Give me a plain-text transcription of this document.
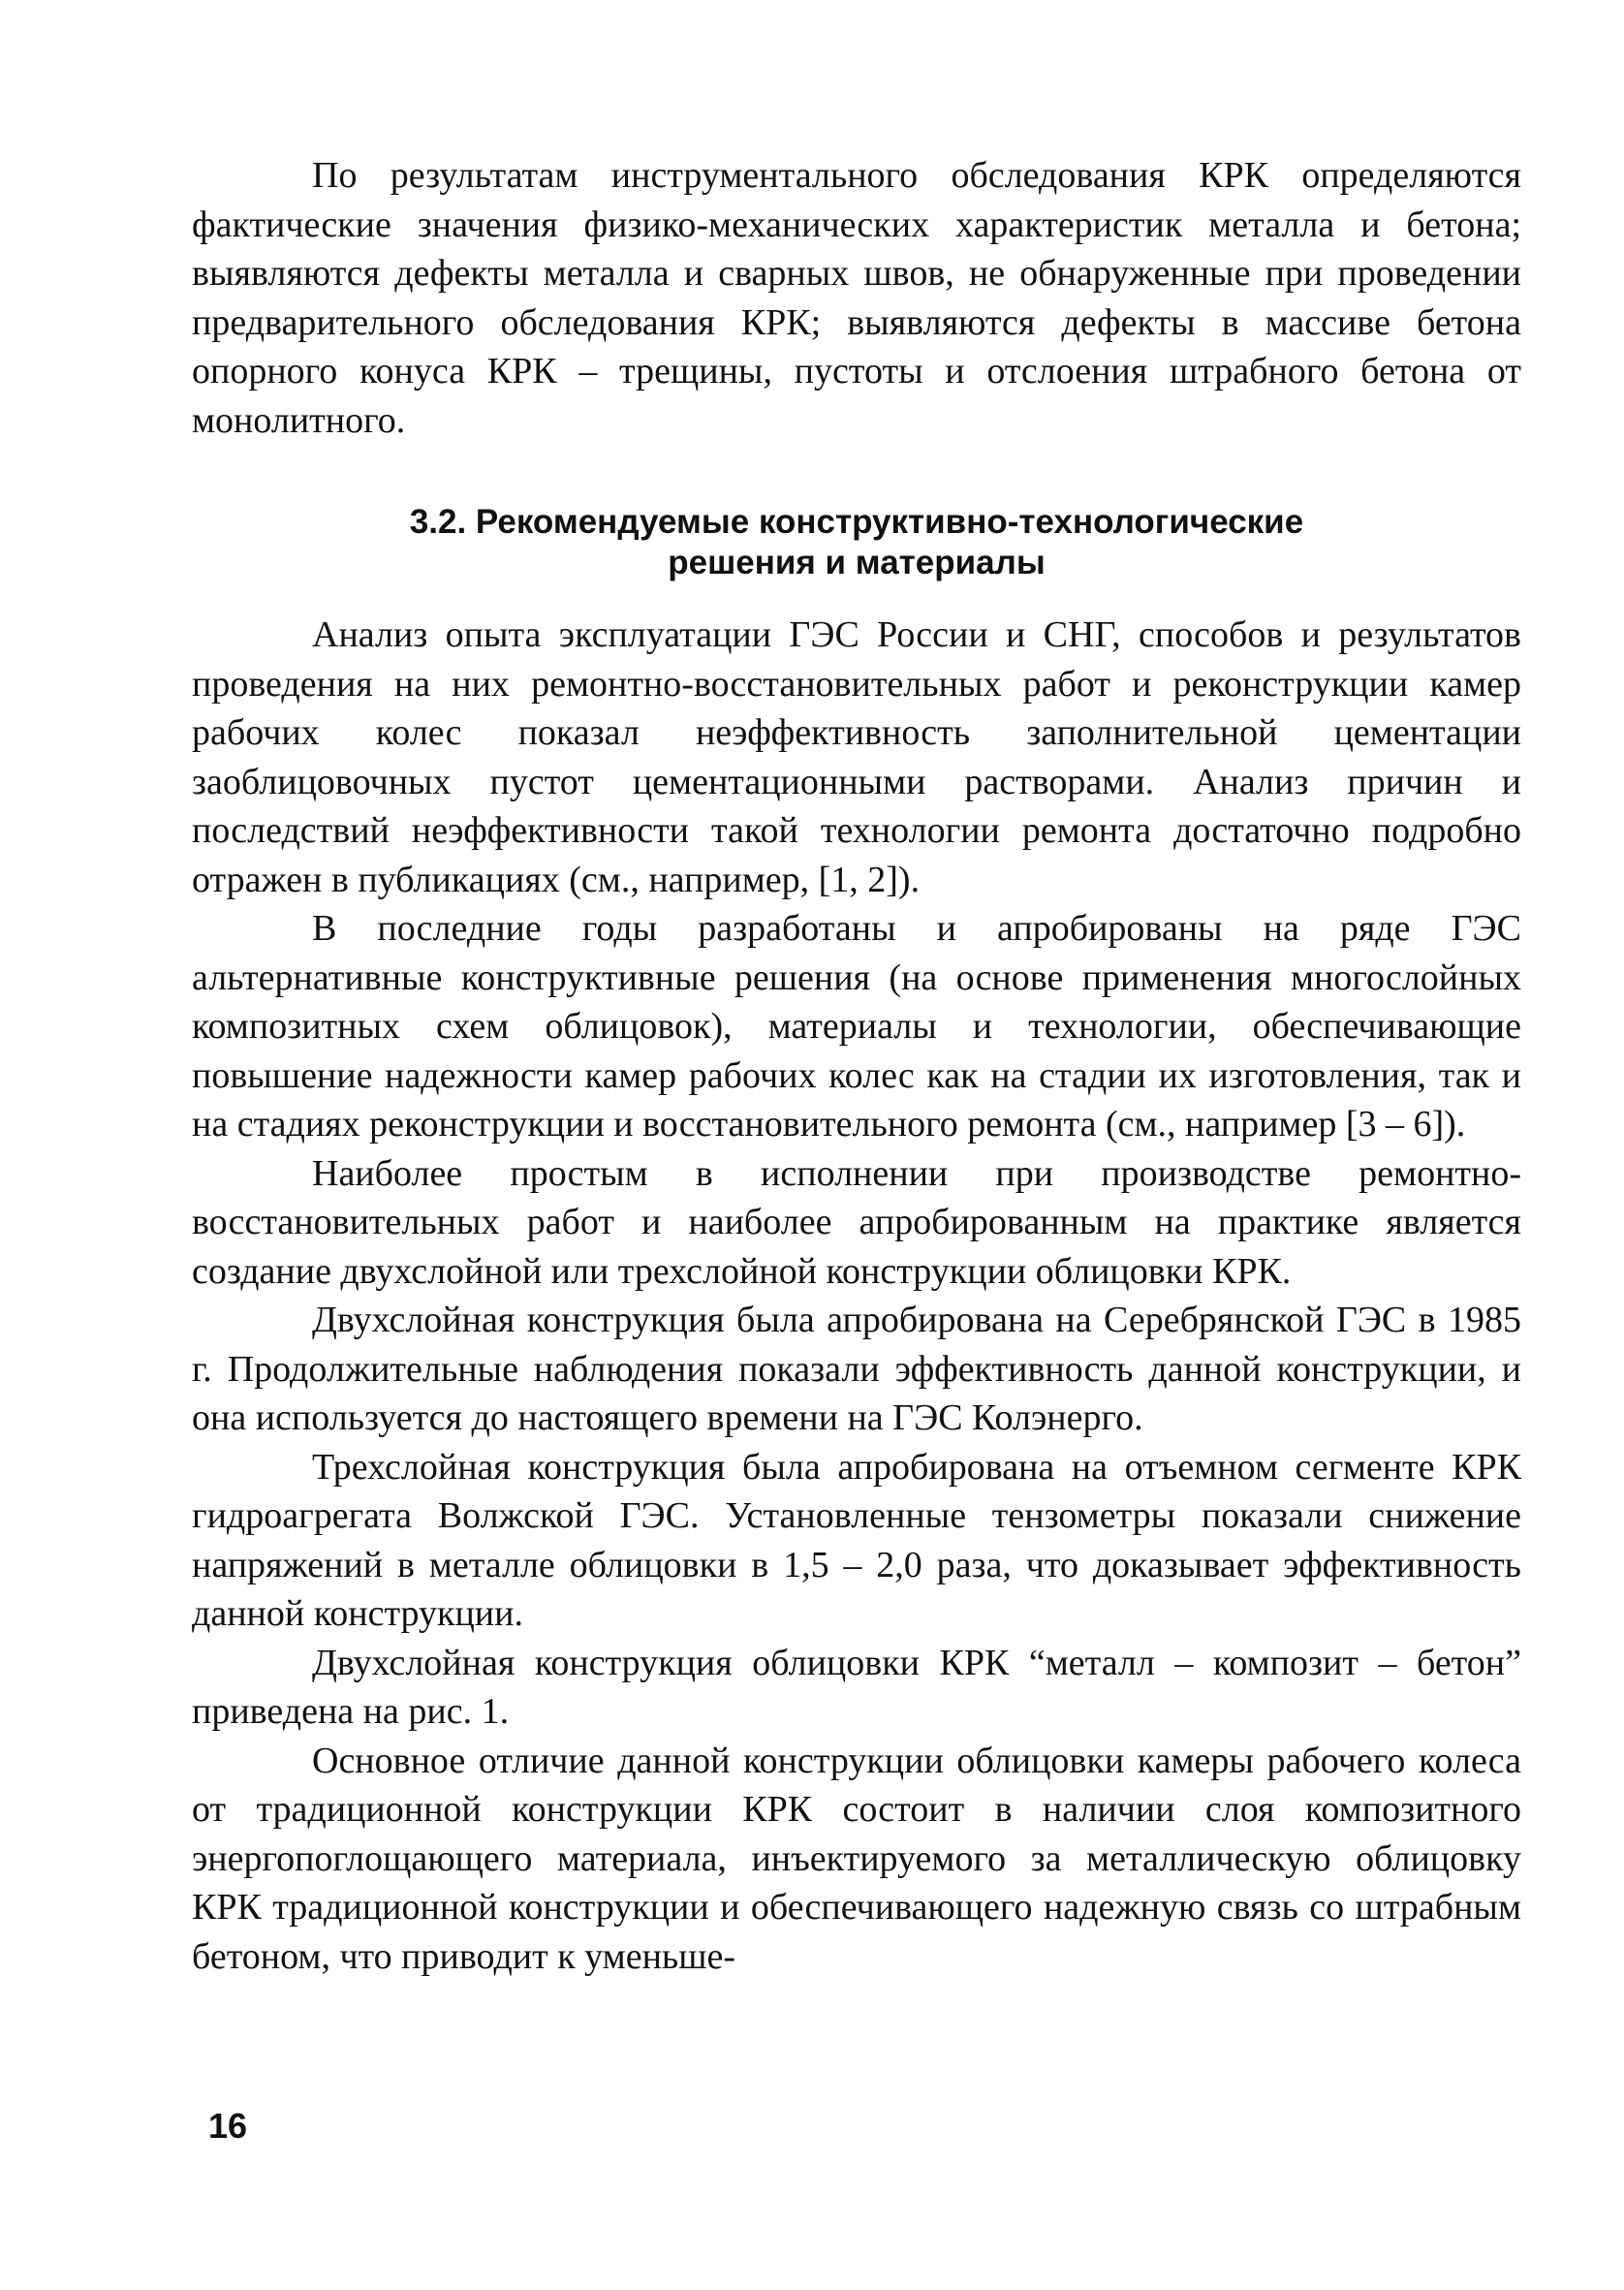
По результатам инструментального обследования КРК определяются фактические значения физико-механических характеристик металла и бетона; выявляются дефекты металла и сварных швов, не обнаруженные при проведении предварительного обследования КРК; выявляются дефекты в массиве бетона опорного конуса КРК – трещины, пустоты и отслоения штрабного бетона от монолитного.

3.2. Рекомендуемые конструктивно-технологические
решения и материалы

Анализ опыта эксплуатации ГЭС России и СНГ, способов и результатов проведения на них ремонтно-восстановительных работ и реконструкции камер рабочих колес показал неэффективность заполнительной цементации заоблицовочных пустот цементационными растворами. Анализ причин и последствий неэффективности такой технологии ремонта достаточно подробно отражен в публикациях (см., например, [1, 2]).

В последние годы разработаны и апробированы на ряде ГЭС альтернативные конструктивные решения (на основе применения многослойных композитных схем облицовок), материалы и технологии, обеспечивающие повышение надежности камер рабочих колес как на стадии их изготовления, так и на стадиях реконструкции и восстановительного ремонта (см., например [3 – 6]).

Наиболее простым в исполнении при производстве ремонтно-восстановительных работ и наиболее апробированным на практике является создание двухслойной или трехслойной конструкции облицовки КРК.

Двухслойная конструкция была апробирована на Серебрянской ГЭС в 1985 г. Продолжительные наблюдения показали эффективность данной конструкции, и она используется до настоящего времени на ГЭС Колэнерго.

Трехслойная конструкция была апробирована на отъемном сегменте КРК гидроагрегата Волжской ГЭС. Установленные тензометры показали снижение напряжений в металле облицовки в 1,5 – 2,0 раза, что доказывает эффективность данной конструкции.

Двухслойная конструкция облицовки КРК “металл – композит – бетон” приведена на рис. 1.

Основное отличие данной конструкции облицовки камеры рабочего колеса от традиционной конструкции КРК состоит в наличии слоя композитного энергопоглощающего материала, инъектируемого за металлическую облицовку КРК традиционной конструкции и обеспечивающего надежную связь со штрабным бетоном, что приводит к уменьше-

16
